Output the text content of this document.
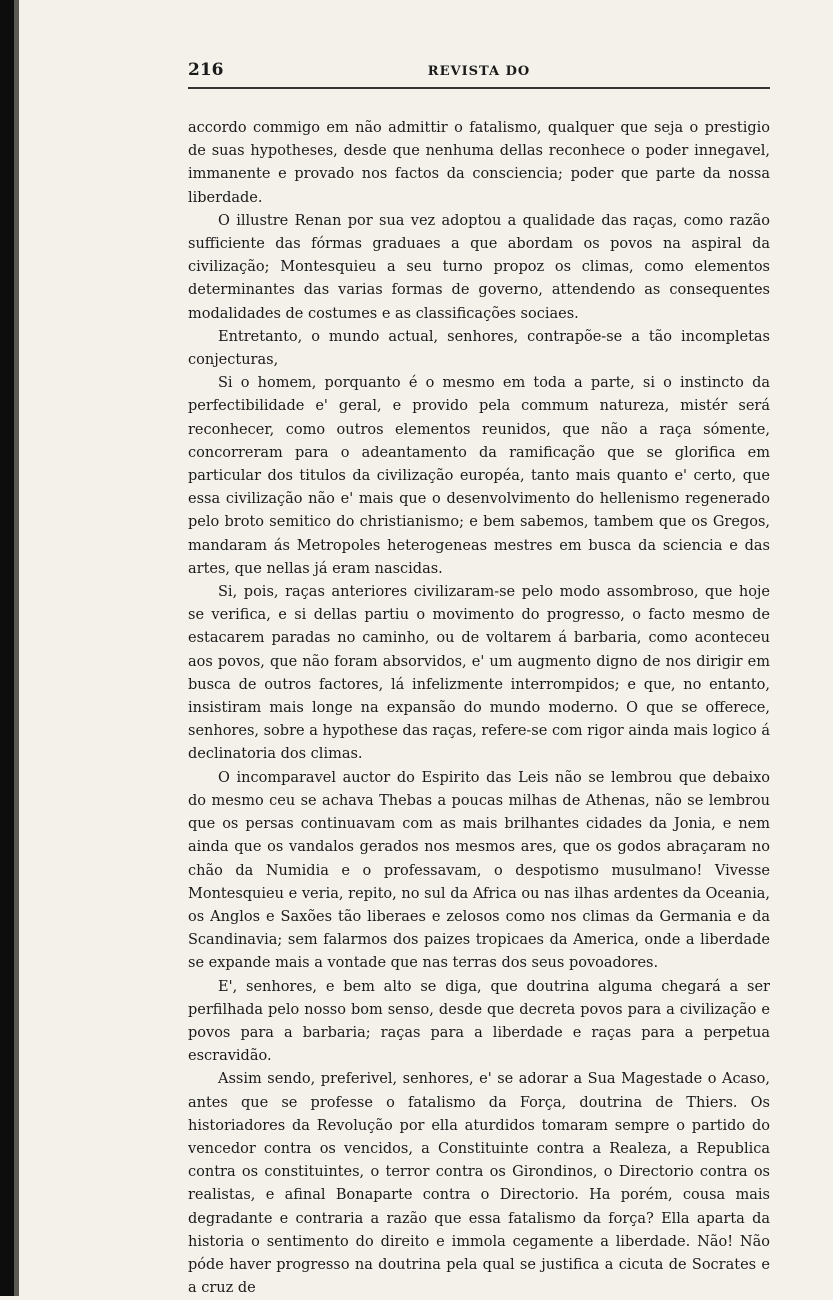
216	REVISTA DO

accordo commigo em não admittir o fatalismo, qualquer que seja o prestigio de suas hypotheses, desde que nenhuma dellas reconhece o poder innegavel, immanente e provado nos factos da consciencia; poder que parte da nossa liberdade.

O illustre Renan por sua vez adoptou a qualidade das raças, como razão sufficiente das fórmas graduaes a que abordam os povos na aspiral da civilização; Montesquieu a seu turno propoz os climas, como elementos determinantes das varias formas de governo, attendendo as consequentes modalidades de costumes e as classificações sociaes.

Entretanto, o mundo actual, senhores, contrapõe-se a tão incompletas conjecturas,

Si o homem, porquanto é o mesmo em toda a parte, si o instincto da perfectibilidade e' geral, e provido pela commum natureza, mistér será reconhecer, como outros elementos reunidos, que não a raça sómente, concorreram para o adeantamento da ramificação que se glorifica em particular dos titulos da civilização européa, tanto mais quanto e' certo, que essa civilização não e' mais que o desenvolvimento do hellenismo regenerado pelo broto semitico do christianismo; e bem sabemos, tambem que os Gregos, mandaram ás Metropoles heterogeneas mestres em busca da sciencia e das artes, que nellas já eram nascidas.

Si, pois, raças anteriores civilizaram-se pelo modo assombroso, que hoje se verifica, e si dellas partiu o movimento do progresso, o facto mesmo de estacarem paradas no caminho, ou de voltarem á barbaria, como aconteceu aos povos, que não foram absorvidos, e' um augmento digno de nos dirigir em busca de outros factores, lá infelizmente interrompidos; e que, no entanto, insistiram mais longe na expansão do mundo moderno. O que se offerece, senhores, sobre a hypothese das raças, refere-se com rigor ainda mais logico á declinatoria dos climas.

O incomparavel auctor do Espirito das Leis não se lembrou que debaixo do mesmo ceu se achava Thebas a poucas milhas de Athenas, não se lembrou que os persas continuavam com as mais brilhantes cidades da Jonia, e nem ainda que os vandalos gerados nos mesmos ares, que os godos abraçaram no chão da Numidia e o professavam, o despotismo musulmano! Vivesse Montesquieu e veria, repito, no sul da Africa ou nas ilhas ardentes da Oceania, os Anglos e Saxões tão liberaes e zelosos como nos climas da Germania e da Scandinavia; sem falarmos dos paizes tropicaes da America, onde a liberdade se expande mais a vontade que nas terras dos seus povoadores.

E', senhores, e bem alto se diga, que doutrina alguma chegará a ser perfilhada pelo nosso bom senso, desde que decreta povos para a civilização e povos para a barbaria; raças para a liberdade e raças para a perpetua escravidão.

Assim sendo, preferivel, senhores, e' se adorar a Sua Magestade o Acaso, antes que se professe o fatalismo da Força, doutrina de Thiers. Os historiadores da Revolução por ella aturdidos tomaram sempre o partido do vencedor contra os vencidos, a Constituinte contra a Realeza, a Republica contra os constituintes, o terror contra os Girondinos, o Directorio contra os realistas, e afinal Bonaparte contra o Directorio. Ha porém, cousa mais degradante e contraria a razão que essa fatalismo da força? Ella aparta da historia o sentimento do direito e immola cegamente a liberdade. Não! Não póde haver progresso na doutrina pela qual se justifica a cicuta de Socrates e a cruz de
